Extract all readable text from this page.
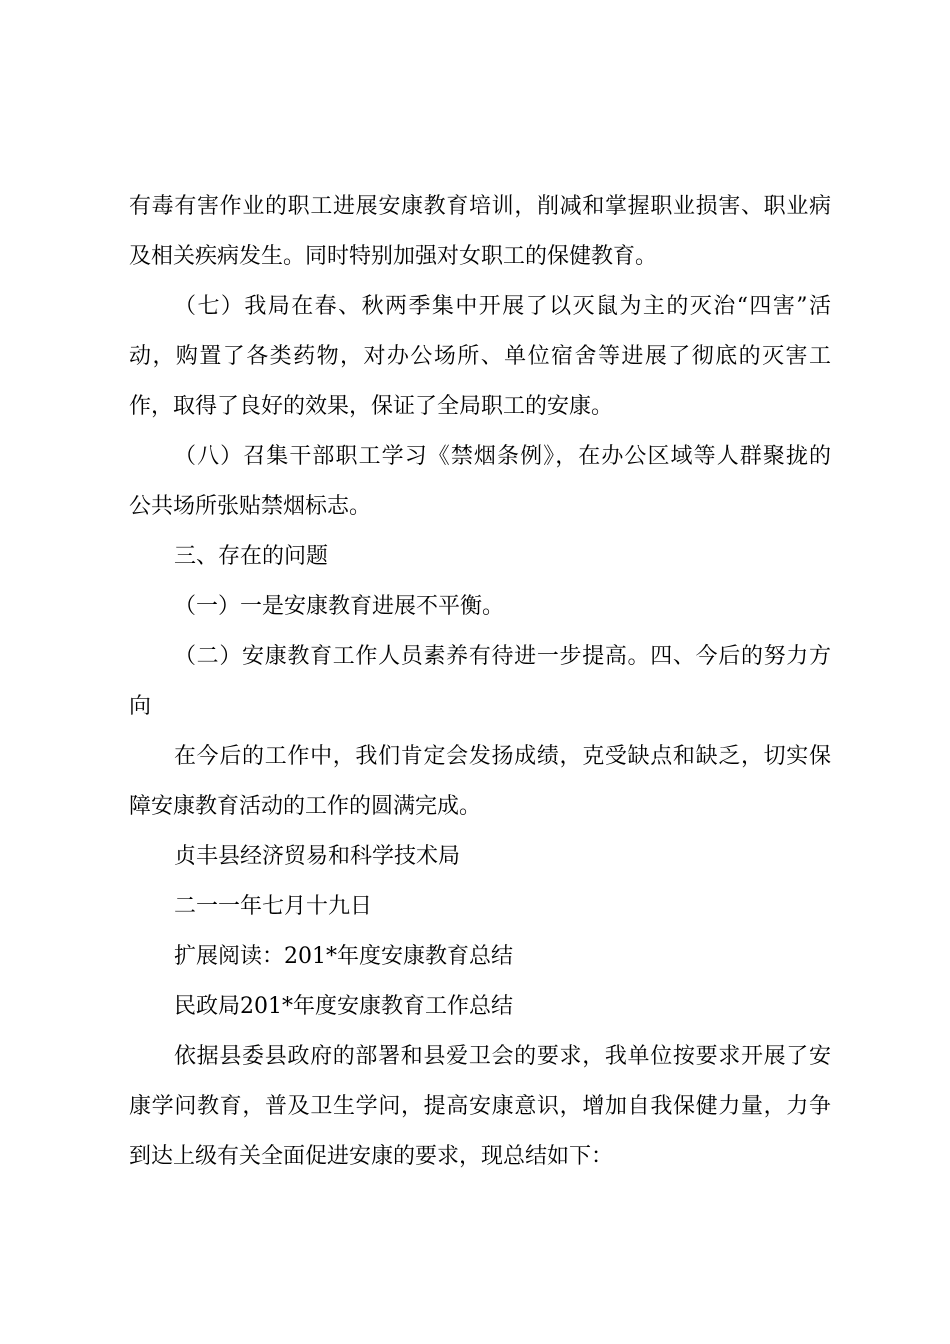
有毒有害作业的职工进展安康教育培训，削减和掌握职业损害、职业病
及相关疾病发生。同时特别加强对女职工的保健教育。
（七）我局在春、秋两季集中开展了以灭鼠为主的灭治“四害”活
动，购置了各类药物，对办公场所、单位宿舍等进展了彻底的灭害工
作，取得了良好的效果，保证了全局职工的安康。
（八）召集干部职工学习《禁烟条例》，在办公区域等人群聚拢的
公共场所张贴禁烟标志。
三、存在的问题
（一）一是安康教育进展不平衡。
（二）安康教育工作人员素养有待进一步提高。四、今后的努力方
向
在今后的工作中，我们肯定会发扬成绩，克受缺点和缺乏，切实保
障安康教育活动的工作的圆满完成。
贞丰县经济贸易和科学技术局
二一一年七月十九日
扩展阅读：201*年度安康教育总结
民政局201*年度安康教育工作总结
依据县委县政府的部署和县爱卫会的要求，我单位按要求开展了安
康学问教育，普及卫生学问，提高安康意识，增加自我保健力量，力争
到达上级有关全面促进安康的要求，现总结如下：
